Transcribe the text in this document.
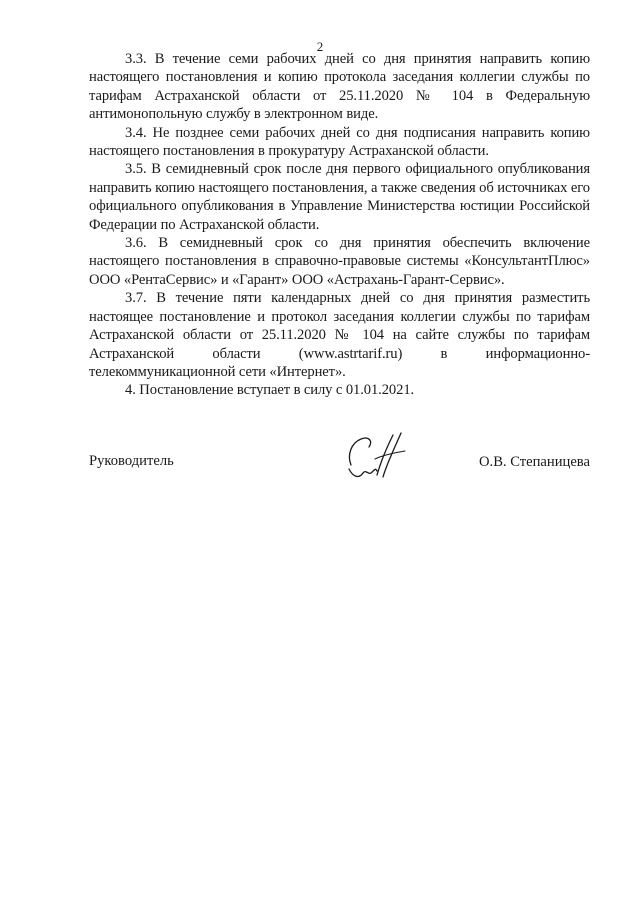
2

3.3. В течение семи рабочих дней со дня принятия направить копию настоящего постановления и копию протокола заседания коллегии службы по тарифам Астраханской области от 25.11.2020 № 104 в Федеральную антимонопольную службу в электронном виде.

3.4. Не позднее семи рабочих дней со дня подписания направить копию настоящего постановления в прокуратуру Астраханской области.

3.5. В семидневный срок после дня первого официального опубликования направить копию настоящего постановления, а также сведения об источниках его официального опубликования в Управление Министерства юстиции Российской Федерации по Астраханской области.

3.6. В семидневный срок со дня принятия обеспечить включение настоящего постановления в справочно-правовые системы «КонсультантПлюс» ООО «РентаСервис» и «Гарант» ООО «Астрахань-Гарант-Сервис».

3.7. В течение пяти календарных дней со дня принятия разместить настоящее постановление и протокол заседания коллегии службы по тарифам Астраханской области от 25.11.2020 № 104 на сайте службы по тарифам Астраханской области (www.astrtarif.ru) в информационно-телекоммуникационной сети «Интернет».

4. Постановление вступает в силу с 01.01.2021.

Руководитель	О.В. Степаницева
